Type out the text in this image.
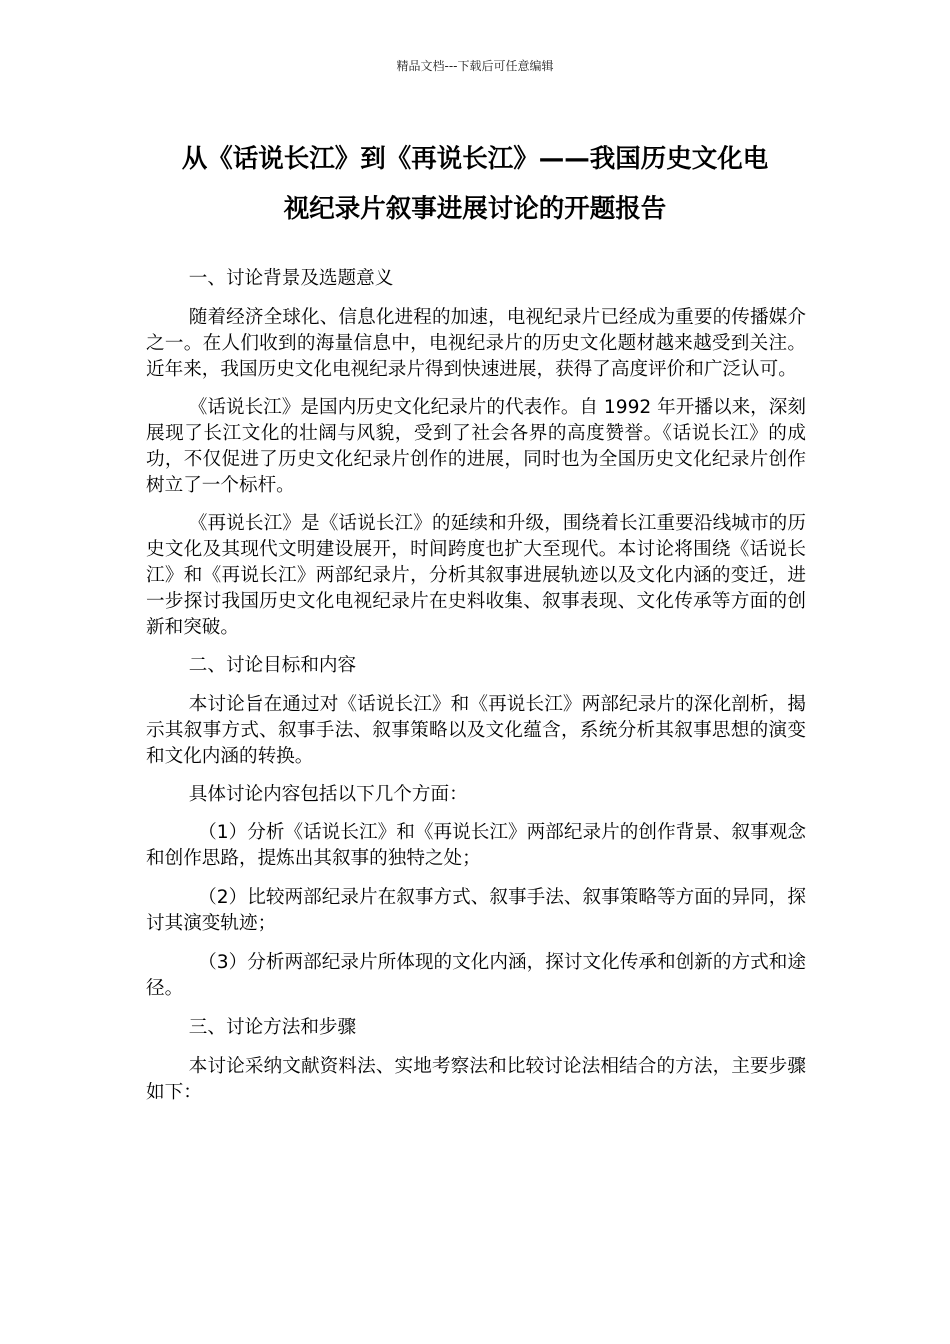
精品文档---下载后可任意编辑
从《话说长江》到《再说长江》——我国历史文化电
视纪录片叙事进展讨论的开题报告

一、讨论背景及选题意义

随着经济全球化、信息化进程的加速，电视纪录片已经成为重要的传播媒介之一。在人们收到的海量信息中，电视纪录片的历史文化题材越来越受到关注。近年来，我国历史文化电视纪录片得到快速进展，获得了高度评价和广泛认可。

《话说长江》是国内历史文化纪录片的代表作。自 1992 年开播以来，深刻展现了长江文化的壮阔与风貌，受到了社会各界的高度赞誉。《话说长江》的成功，不仅促进了历史文化纪录片创作的进展，同时也为全国历史文化纪录片创作树立了一个标杆。

《再说长江》是《话说长江》的延续和升级，围绕着长江重要沿线城市的历史文化及其现代文明建设展开，时间跨度也扩大至现代。本讨论将围绕《话说长江》和《再说长江》两部纪录片，分析其叙事进展轨迹以及文化内涵的变迁，进一步探讨我国历史文化电视纪录片在史料收集、叙事表现、文化传承等方面的创新和突破。

二、讨论目标和内容

本讨论旨在通过对《话说长江》和《再说长江》两部纪录片的深化剖析，揭示其叙事方式、叙事手法、叙事策略以及文化蕴含，系统分析其叙事思想的演变和文化内涵的转换。

具体讨论内容包括以下几个方面：

（1）分析《话说长江》和《再说长江》两部纪录片的创作背景、叙事观念和创作思路，提炼出其叙事的独特之处；

（2）比较两部纪录片在叙事方式、叙事手法、叙事策略等方面的异同，探讨其演变轨迹；

（3）分析两部纪录片所体现的文化内涵，探讨文化传承和创新的方式和途径。

三、讨论方法和步骤

本讨论采纳文献资料法、实地考察法和比较讨论法相结合的方法，主要步骤如下：
